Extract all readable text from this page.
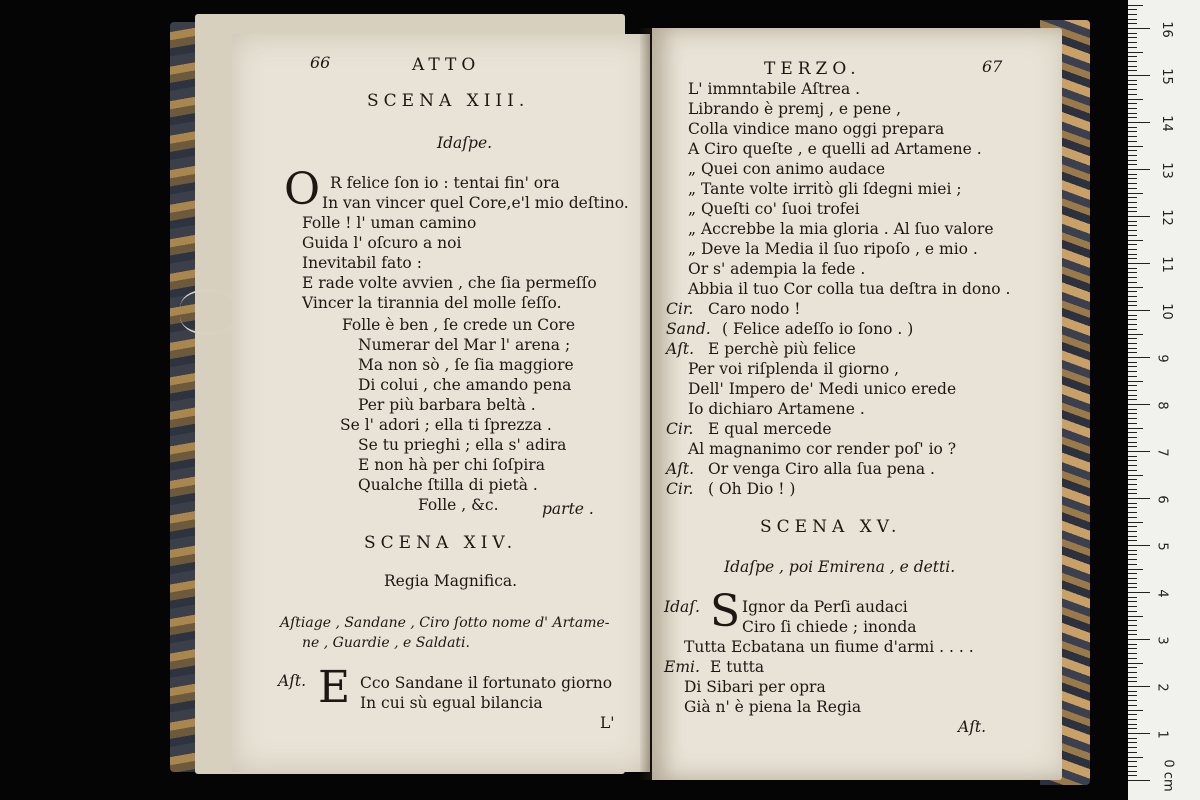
66	ATTO
SCENA XIII.
Idaſpe.
O R felice ſon io : tentai fin' ora
In van vincer quel Core,e'l mio deſtino.
Folle ! l' uman camino
Guida l' oſcuro a noi
Inevitabil fato :
E rade volte avvien , che ſia permeſſo
Vincer la tirannia del molle ſeſſo.
Folle è ben , ſe crede un Core
Numerar del Mar l' arena ;
Ma non sò , ſe ſia maggiore
Di colui , che amando pena
Per più barbara beltà .
Se l' adori ; ella ti ſprezza .
Se tu prieghi ; ella s' adira
E non hà per chi ſoſpira
Qualche ſtilla di pietà .
Folle , &c.	parte .
SCENA XIV.
Regia Magnifica.
Aſtiage , Sandane , Ciro ſotto nome d' Artame-
ne , Guardie , e Saldati.
Aſt. E Cco Sandane il fortunato giorno
In cui sù egual bilancia
L'
TERZO.	67
L' immntabile Aſtrea .
Librando è premj , e pene ,
Colla vindice mano oggi prepara
A Ciro queſte , e quelli ad Artamene .
„ Quei con animo audace
„ Tante volte irritò gli ſdegni miei ;
„ Queſti co' ſuoi trofei
„ Accrebbe la mia gloria . Al ſuo valore
„ Deve la Media il ſuo ripoſo , e mio .
Or s' adempia la fede .
Abbia il tuo Cor colla tua deſtra in dono .
Cir. Caro nodo !
Sand. ( Felice adeſſo io ſono . )
Aſt. E perchè più felice
Per voi riſplenda il giorno ,
Dell' Impero de' Medi unico erede
Io dichiaro Artamene .
Cir. E qual mercede
Al magnanimo cor render poſ' io ?
Aſt. Or venga Ciro alla ſua pena .
Cir. ( Oh Dio ! )
SCENA XV.
Idaſpe , poi Emirena , e detti.
Idaſ. S Ignor da Perſi audaci
Ciro ſi chiede ; inonda
Tutta Ecbatana un fiume d'armi . . . .
Emi. E tutta
Di Sibari per opra
Già n' è piena la Regia
Aſt.
0 cm
1
2
3
4
5
6
7
8
9
10
11
12
13
14
15
16
